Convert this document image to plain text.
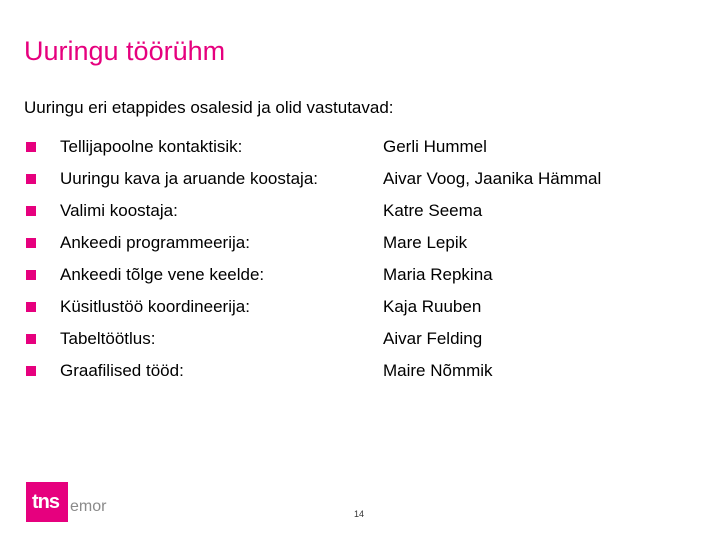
Uuringu töörühm
Uuringu eri etappides osalesid ja olid vastutavad:
Tellijapoolne kontaktisik:	Gerli Hummel
Uuringu kava ja aruande koostaja:	Aivar Voog, Jaanika Hämmal
Valimi koostaja:	Katre Seema
Ankeedi programmeerija:	Mare Lepik
Ankeedi tõlge vene keelde:	Maria Repkina
Küsitlustöö koordineerija:	Kaja Ruuben
Tabeltöötlus:	Aivar Felding
Graafilised tööd:	Maire Nõmmik
tns emor	14
